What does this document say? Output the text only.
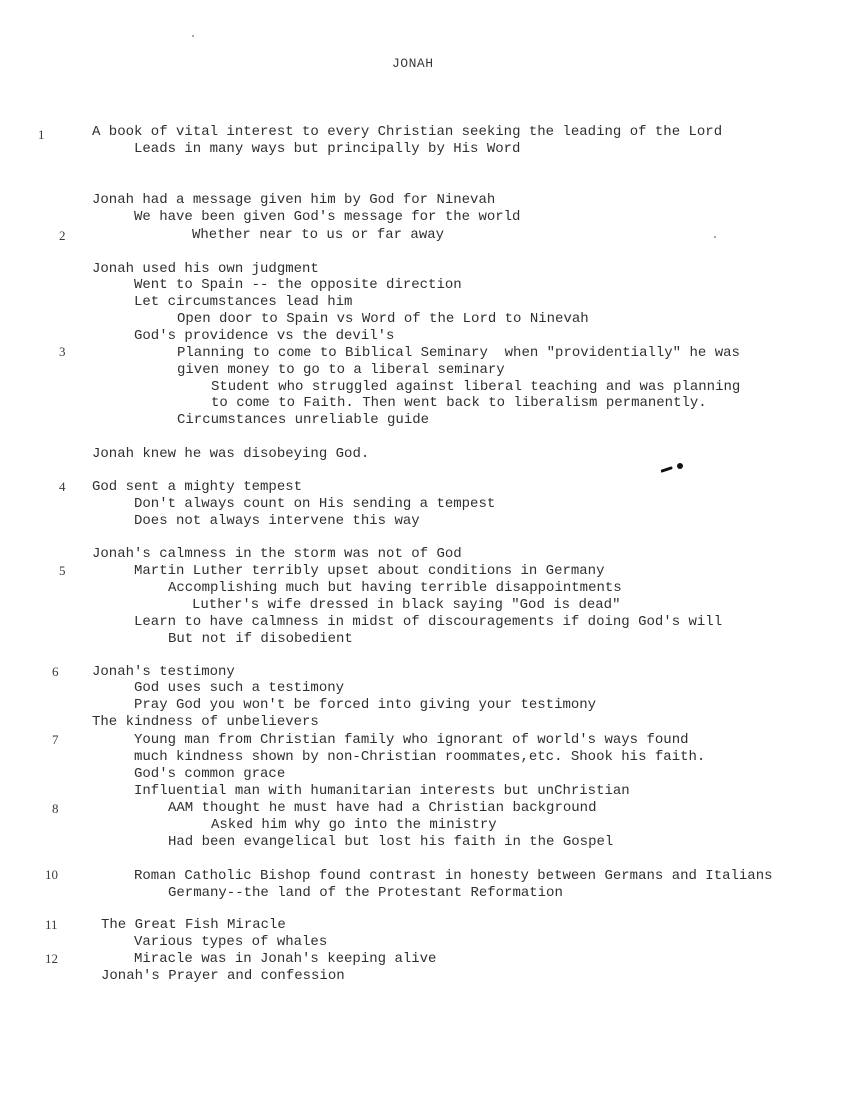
JONAH
1
2
3
4
5
6
7
8
10
11
12
A book of vital interest to every Christian seeking the leading of the Lord
Leads in many ways but principally by His Word
Jonah had a message given him by God for Ninevah
We have been given God's message for the world
Whether near to us or far away
Jonah used his own judgment
Went to Spain -- the opposite direction
Let circumstances lead him
Open door to Spain vs Word of the Lord to Ninevah
God's providence vs the devil's
Planning to come to Biblical Seminary  when "providentially" he was
given money to go to a liberal seminary
Student who struggled against liberal teaching and was planning
to come to Faith. Then went back to liberalism permanently.
Circumstances unreliable guide
Jonah knew he was disobeying God.
God sent a mighty tempest
Don't always count on His sending a tempest
Does not always intervene this way
Jonah's calmness in the storm was not of God
Martin Luther terribly upset about conditions in Germany
Accomplishing much but having terrible disappointments
Luther's wife dressed in black saying "God is dead"
Learn to have calmness in midst of discouragements if doing God's will
But not if disobedient
Jonah's testimony
God uses such a testimony
Pray God you won't be forced into giving your testimony
The kindness of unbelievers
Young man from Christian family who ignorant of world's ways found
much kindness shown by non-Christian roommates,etc. Shook his faith.
God's common grace
Influential man with humanitarian interests but unChristian
AAM thought he must have had a Christian background
Asked him why go into the ministry
Had been evangelical but lost his faith in the Gospel
Roman Catholic Bishop found contrast in honesty between Germans and Italians
Germany--the land of the Protestant Reformation
The Great Fish Miracle
Various types of whales
Miracle was in Jonah's keeping alive
Jonah's Prayer and confession
